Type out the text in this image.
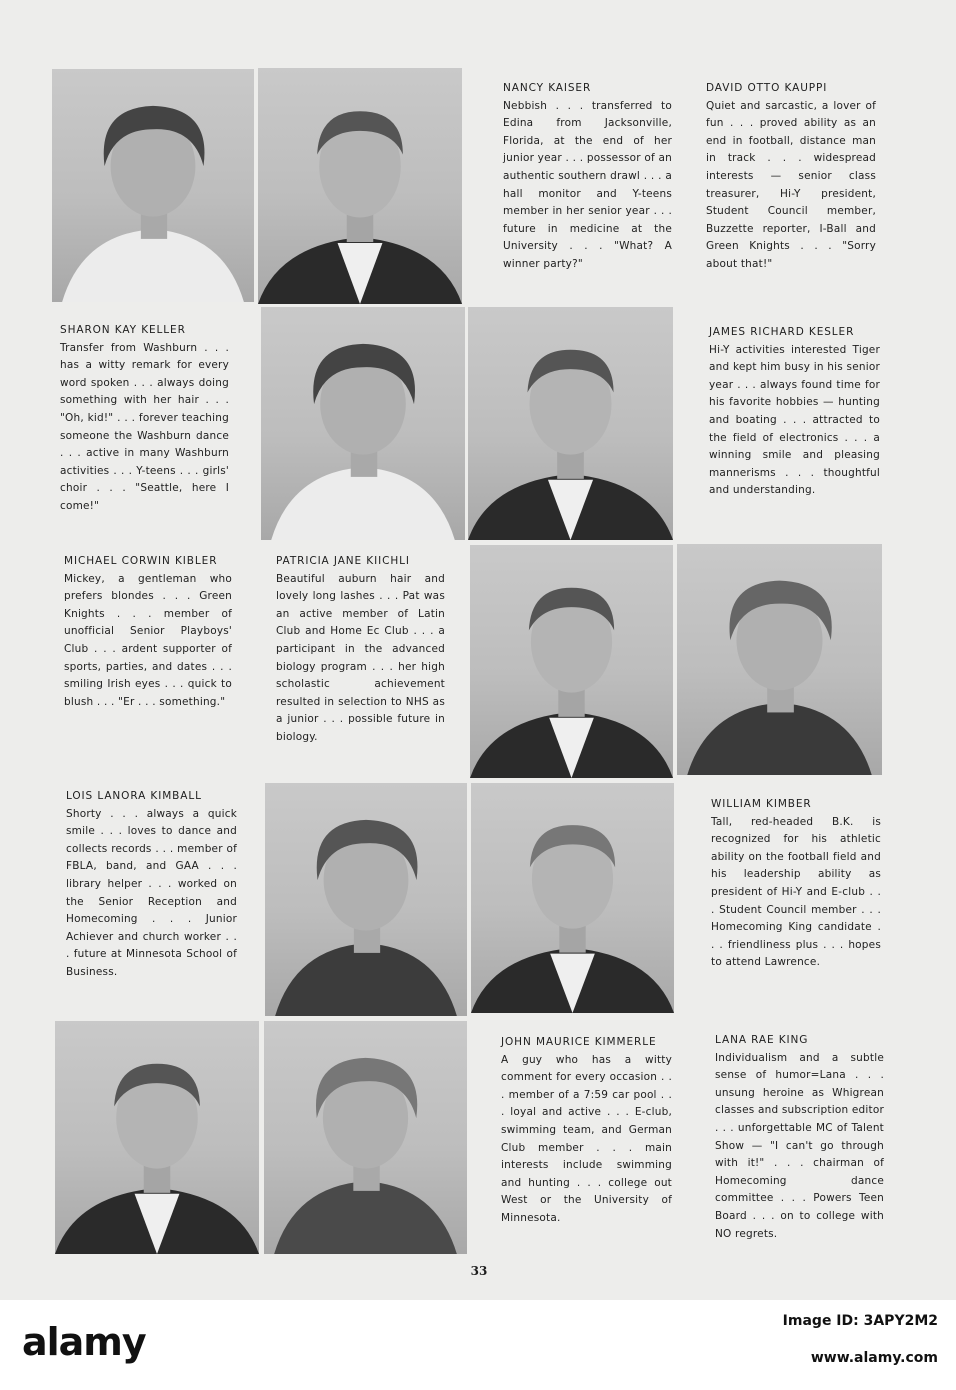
NANCY KAISER
Nebbish . . . transferred to Edina from Jacksonville, Florida, at the end of her junior year . . . possessor of an authentic southern drawl . . . a hall monitor and Y-teens member in her senior year . . . future in medicine at the University . . . "What? A winner party?"
DAVID OTTO KAUPPI
Quiet and sarcastic, a lover of fun . . . proved ability as an end in football, distance man in track . . . widespread interests — senior class treasurer, Hi-Y president, Student Council member, Buzzette reporter, I-Ball and Green Knights . . . "Sorry about that!"
SHARON KAY KELLER
Transfer from Washburn . . . has a witty remark for every word spoken . . . always doing something with her hair . . . "Oh, kid!" . . . forever teaching someone the Washburn dance . . . active in many Washburn activities . . . Y-teens . . . girls' choir . . . "Seattle, here I come!"
JAMES RICHARD KESLER
Hi-Y activities interested Tiger and kept him busy in his senior year . . . always found time for his favorite hobbies — hunting and boating . . . attracted to the field of electronics . . . a winning smile and pleasing mannerisms . . . thoughtful and understanding.
MICHAEL CORWIN KIBLER
Mickey, a gentleman who prefers blondes . . . Green Knights . . . member of unofficial Senior Playboys' Club . . . ardent supporter of sports, parties, and dates . . . smiling Irish eyes . . . quick to blush . . . "Er . . . something."
PATRICIA JANE KIICHLI
Beautiful auburn hair and lovely long lashes . . . Pat was an active member of Latin Club and Home Ec Club . . . a participant in the advanced biology program . . . her high scholastic achievement resulted in selection to NHS as a junior . . . possible future in biology.
LOIS LANORA KIMBALL
Shorty . . . always a quick smile . . . loves to dance and collects records . . . member of FBLA, band, and GAA . . . library helper . . . worked on the Senior Reception and Homecoming . . . Junior Achiever and church worker . . . future at Minnesota School of Business.
WILLIAM KIMBER
Tall, red-headed B.K. is recognized for his athletic ability on the football field and his leadership ability as president of Hi-Y and E-club . . . Student Council member . . . Homecoming King candidate . . . friendliness plus . . . hopes to attend Lawrence.
JOHN MAURICE KIMMERLE
A guy who has a witty comment for every occasion . . . member of a 7:59 car pool . . . loyal and active . . . E-club, swimming team, and German Club member . . . main interests include swimming and hunting . . . college out West or the University of Minnesota.
LANA RAE KING
Individualism and a subtle sense of humor=Lana . . . unsung heroine as Whigrean classes and subscription editor . . . unforgettable MC of Talent Show — "I can't go through with it!" . . . chairman of Homecoming dance committee . . . Powers Teen Board . . . on to college with NO regrets.
33
alamy	Image ID: 3APY2M2
www.alamy.com
